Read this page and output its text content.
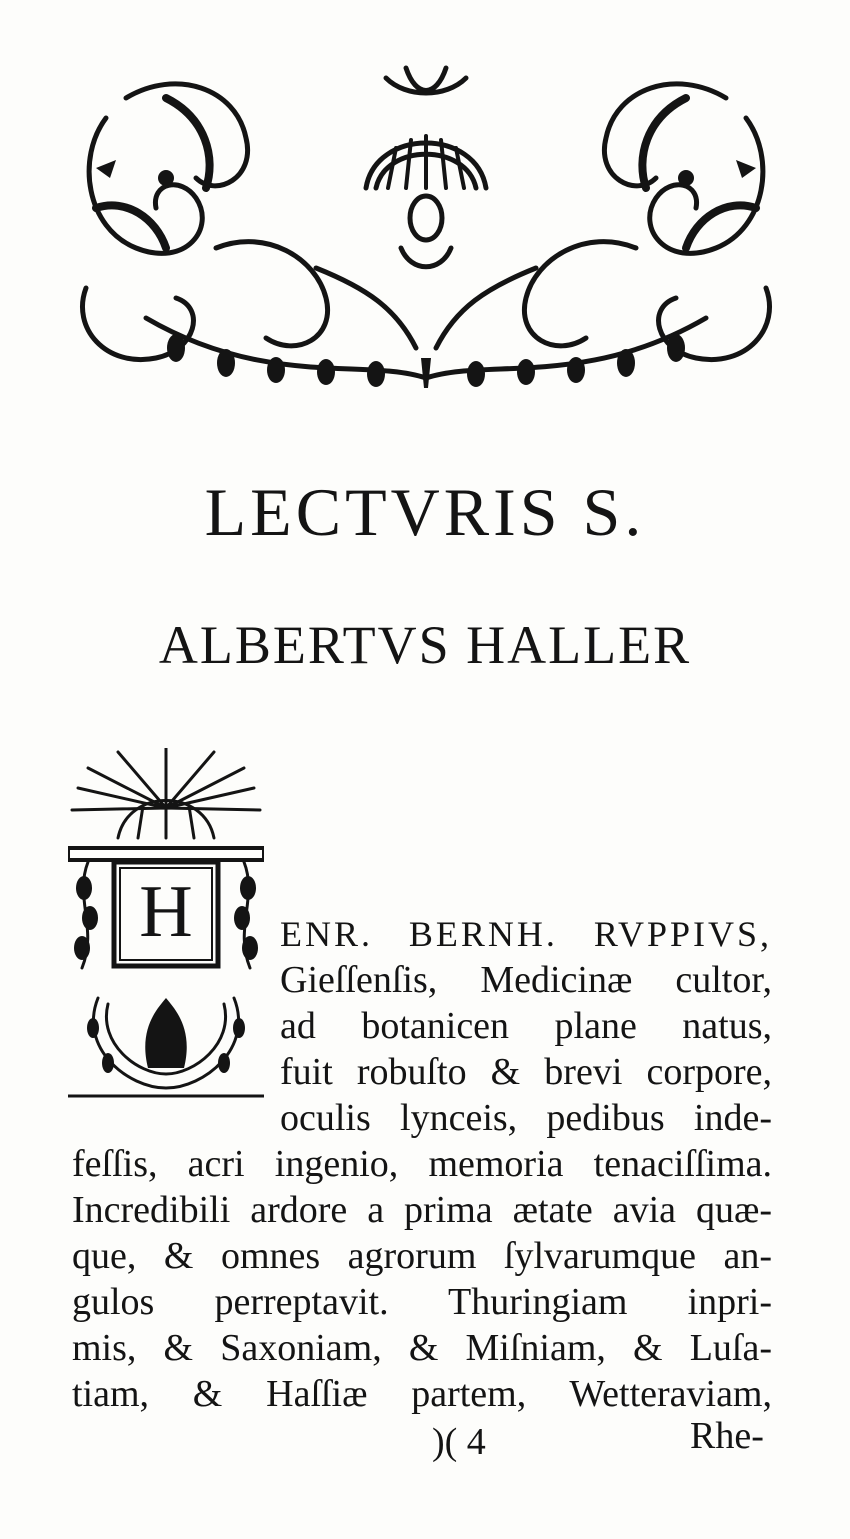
LECTVRIS S.
ALBERTVS HALLER
H	ENR. BERNH. RVPPIVS,
Gieſſenſis, Medicinæ cultor,
ad botanicen plane natus,
fuit robuſto & brevi corpore,
oculis lynceis, pedibus inde-
feſſis, acri ingenio, memoria tenaciſſima.
Incredibili ardore a prima ætate avia quæ-
que, & omnes agrorum ſylvarumque an-
gulos perreptavit. Thuringiam inpri-
mis, & Saxoniam, & Miſniam, & Luſa-
tiam, & Haſſiæ partem, Wetteraviam,
)( 4	Rhe-
